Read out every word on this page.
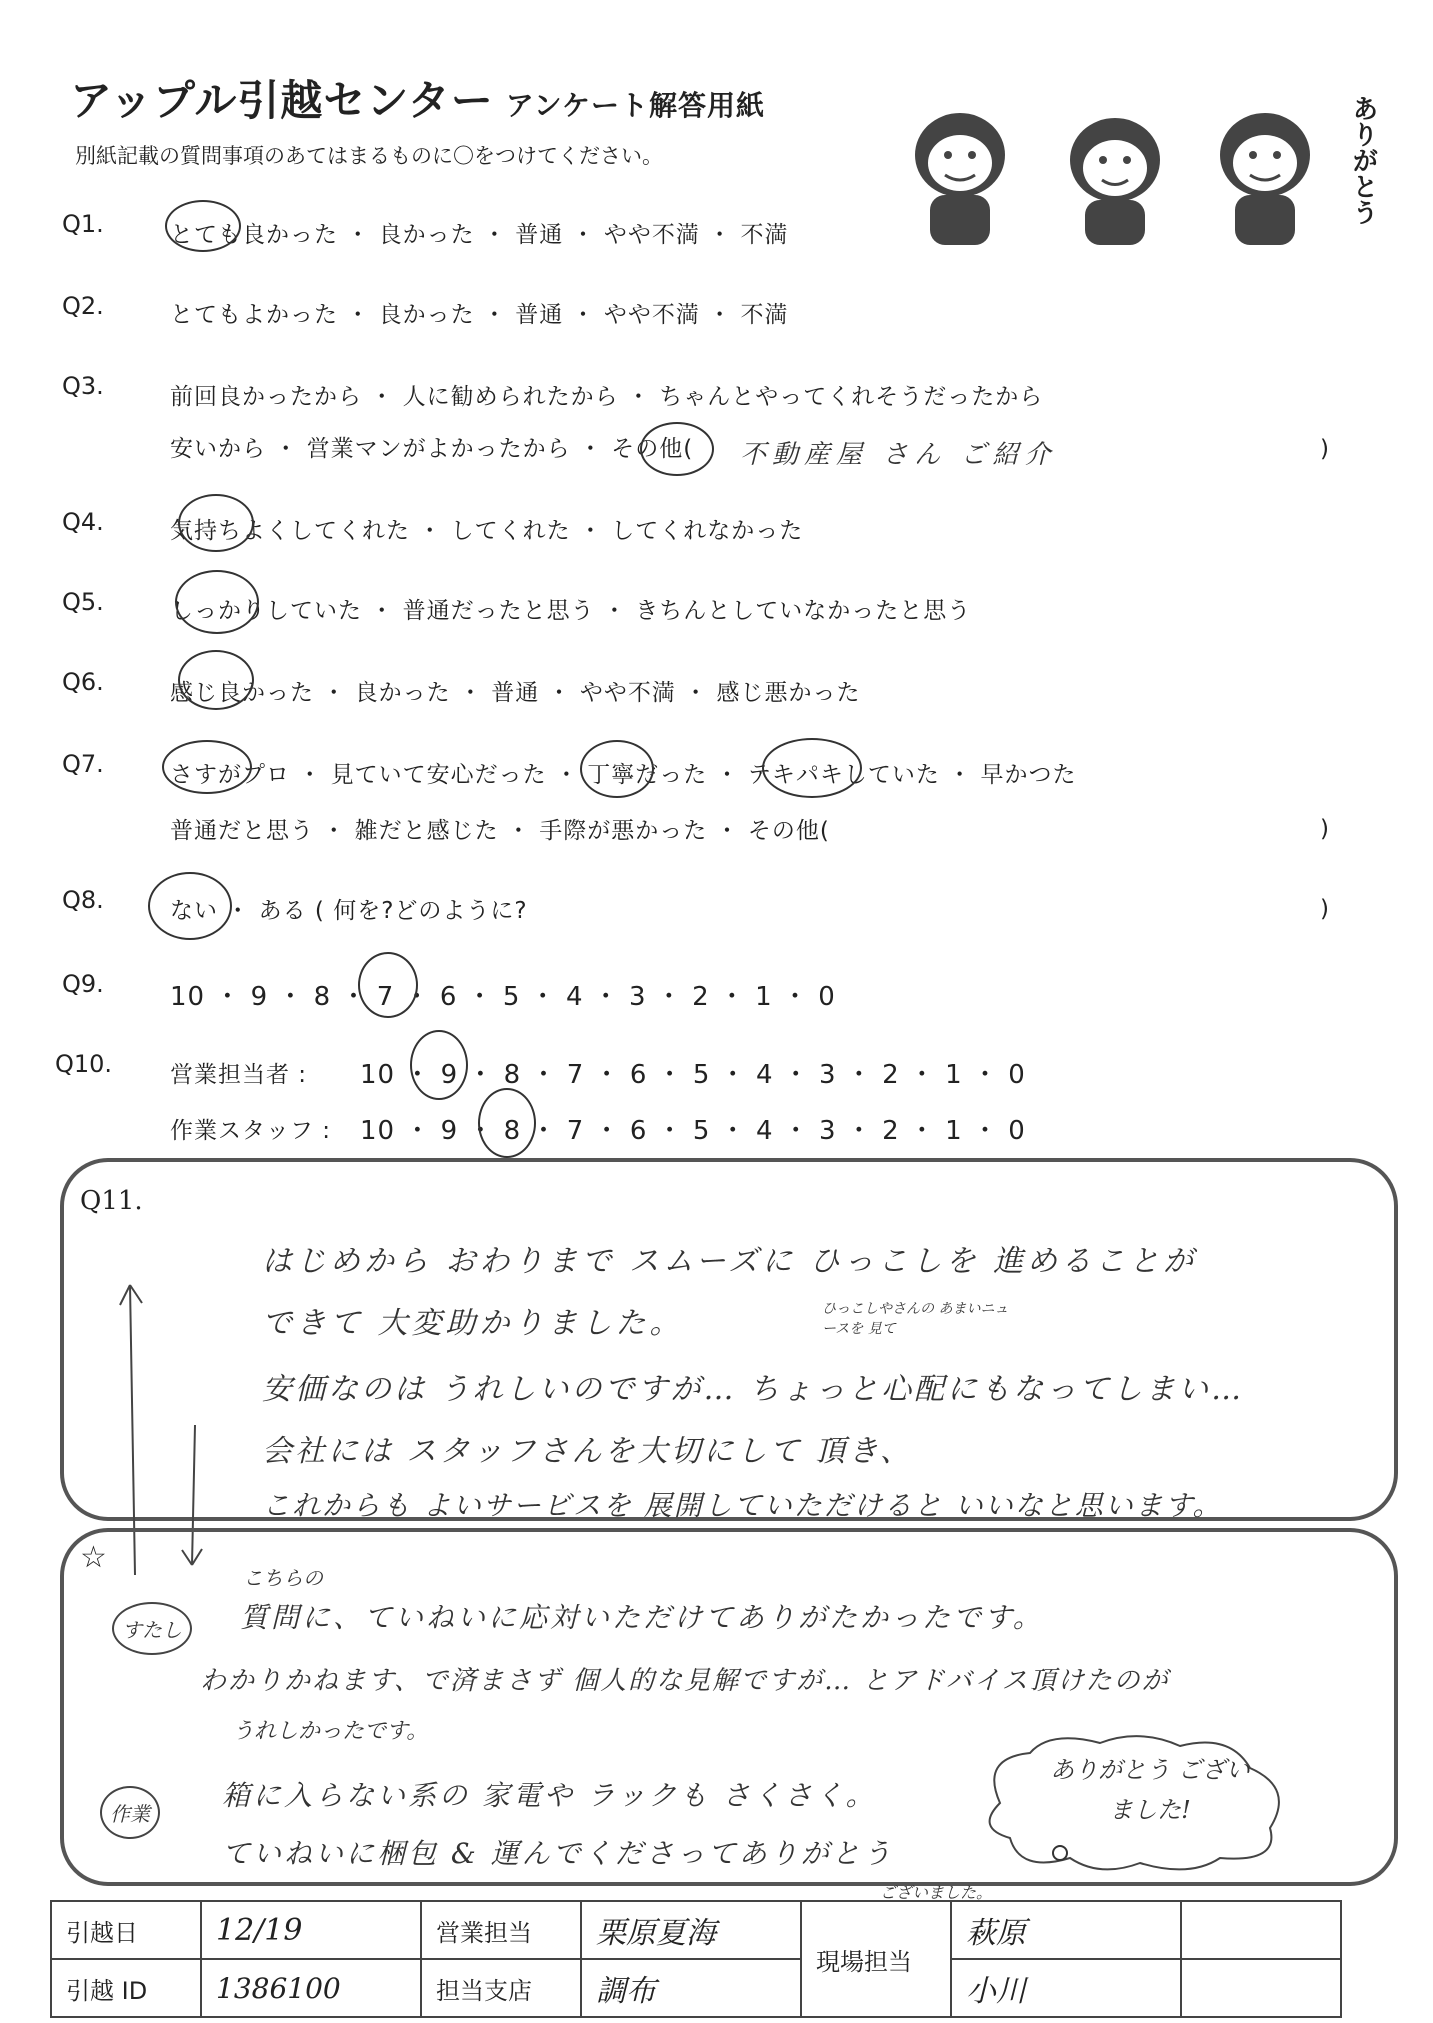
アップル引越センター アンケート解答用紙
別紙記載の質問事項のあてはまるものに〇をつけてください。	ありがとう
Q1.	とても良かった ・ 良かった ・ 普通 ・ やや不満 ・ 不満
Q2.	とてもよかった ・ 良かった ・ 普通 ・ やや不満 ・ 不満
Q3.	前回良かったから ・ 人に勧められたから ・ ちゃんとやってくれそうだったから
安いから ・ 営業マンがよかったから ・ その他( 不動産屋 さん ご紹介	)
Q4.	気持ちよくしてくれた ・ してくれた ・ してくれなかった
Q5.	しっかりしていた ・ 普通だったと思う ・ きちんとしていなかったと思う
Q6.	感じ良かった ・ 良かった ・ 普通 ・ やや不満 ・ 感じ悪かった
Q7.	さすがプロ ・ 見ていて安心だった ・ 丁寧だった ・ テキパキしていた ・ 早かつた
普通だと思う ・ 雑だと感じた ・ 手際が悪かった ・ その他(	)
Q8.	ない ・ ある ( 何を?どのように?	)
Q9.	10 ・ 9 ・ 8 ・ 7 ・ 6 ・ 5 ・ 4 ・ 3 ・ 2 ・ 1 ・ 0
Q10.	営業担当者 : 10 ・ 9 ・ 8 ・ 7 ・ 6 ・ 5 ・ 4 ・ 3 ・ 2 ・ 1 ・ 0
作業スタッフ : 10 ・ 9 ・ 8 ・ 7 ・ 6 ・ 5 ・ 4 ・ 3 ・ 2 ・ 1 ・ 0
Q11.
はじめから おわりまで スムーズに ひっこしを 進めることが
できて 大変助かりました。	ひっこしやさんの あまいニュースを 見て
安価なのは うれしいのですが… ちょっと心配にもなってしまい…
会社には スタッフさんを大切にして 頂き、
これからも よいサービスを 展開していただけると いいなと思います。
☆
すたし
こちらの
質問に、ていねいに応対いただけてありがたかったです。
わかりかねます、で済まさず 個人的な見解ですが… とアドバイス頂けたのが
うれしかったです。
作業
箱に入らない系の 家電や ラックも さくさく。
ていねいに梱包 & 運んでくださってありがとう
ありがとう ございました!
ございました。
引越日	12/19	営業担当	栗原夏海	現場担当	萩原	
引越 ID	1386100	担当支店	調布		小川	
